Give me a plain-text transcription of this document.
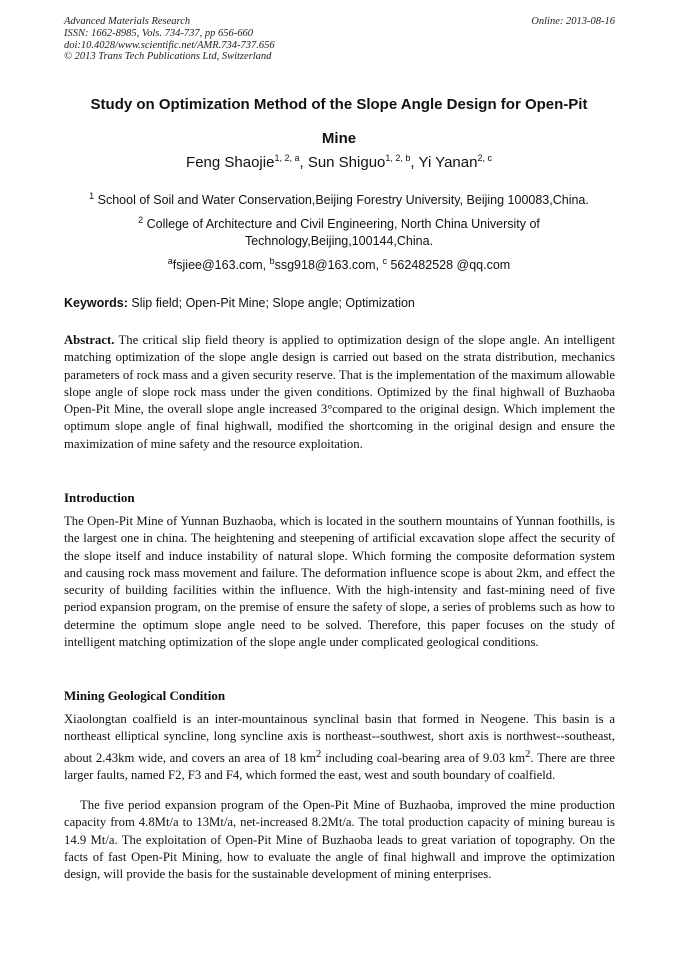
Advanced Materials Research
ISSN: 1662-8985, Vols. 734-737, pp 656-660
doi:10.4028/www.scientific.net/AMR.734-737.656
© 2013 Trans Tech Publications Ltd, Switzerland
Online: 2013-08-16
Study on Optimization Method of the Slope Angle Design for Open-Pit
Mine
Feng Shaojie$^{1, 2, a}$, Sun Shiguo$^{1, 2, b}$, Yi Yanan$^{2, c}$
$^1$ School of Soil and Water Conservation,Beijing Forestry University, Beijing 100083,China.
$^2$ College of Architecture and Civil Engineering, North China University of
Technology,Beijing,100144,China.
$^a$fsjiee@163.com, $^b$ssg918@163.com, $^c$ 562482528 @qq.com
Keywords: Slip field; Open-Pit Mine; Slope angle; Optimization

Abstract. The critical slip field theory is applied to optimization design of the slope angle. An intelligent matching optimization of the slope angle design is carried out based on the strata distribution, mechanics parameters of rock mass and a given security reserve. That is the implementation of the maximum allowable slope angle of slope rock mass under the given conditions. Optimized by the final highwall of Buzhaoba Open-Pit Mine, the overall slope angle increased 3°compared to the original design. Which implement the optimum slope angle of final highwall, modified the shortcoming in the original design and ensure the maximization of mine safety and the resource exploitation.

Introduction

The Open-Pit Mine of Yunnan Buzhaoba, which is located in the southern mountains of Yunnan foothills, is the largest one in china. The heightening and steepening of artificial excavation slope affect the security of the slope itself and induce instability of natural slope. Which forming the composite deformation system and causing rock mass movement and failure. The deformation influence scope is about 2km, and effect the security of building facilities within the influence. With the high-intensity and fast-mining need of five period expansion program, on the premise of ensure the safety of slope, a series of problems such as how to determine the optimum slope angle need to be solved. Therefore, this paper focuses on the study of intelligent matching optimization of the slope angle under complicated geological conditions.

Mining Geological Condition

Xiaolongtan coalfield is an inter-mountainous synclinal basin that formed in Neogene. This basin is a northeast elliptical syncline, long syncline axis is northeast--southwest, short axis is northwest--southeast, about 2.43km wide, and covers an area of 18 $km^2$ including coal-bearing area of 9.03 $km^2$. There are three larger faults, named F2, F3 and F4, which formed the east, west and south boundary of coalfield.

The five period expansion program of the Open-Pit Mine of Buzhaoba, improved the mine production capacity from 4.8Mt/a to 13Mt/a, net-increased 8.2Mt/a. The total production capacity of mining bureau is 14.9 Mt/a. The exploitation of Open-Pit Mine of Buzhaoba leads to great variation of topography. On the facts of fast Open-Pit Mining, how to evaluate the angle of final highwall and improve the optimization design, will provide the basis for the sustainable development of mining enterprises.
